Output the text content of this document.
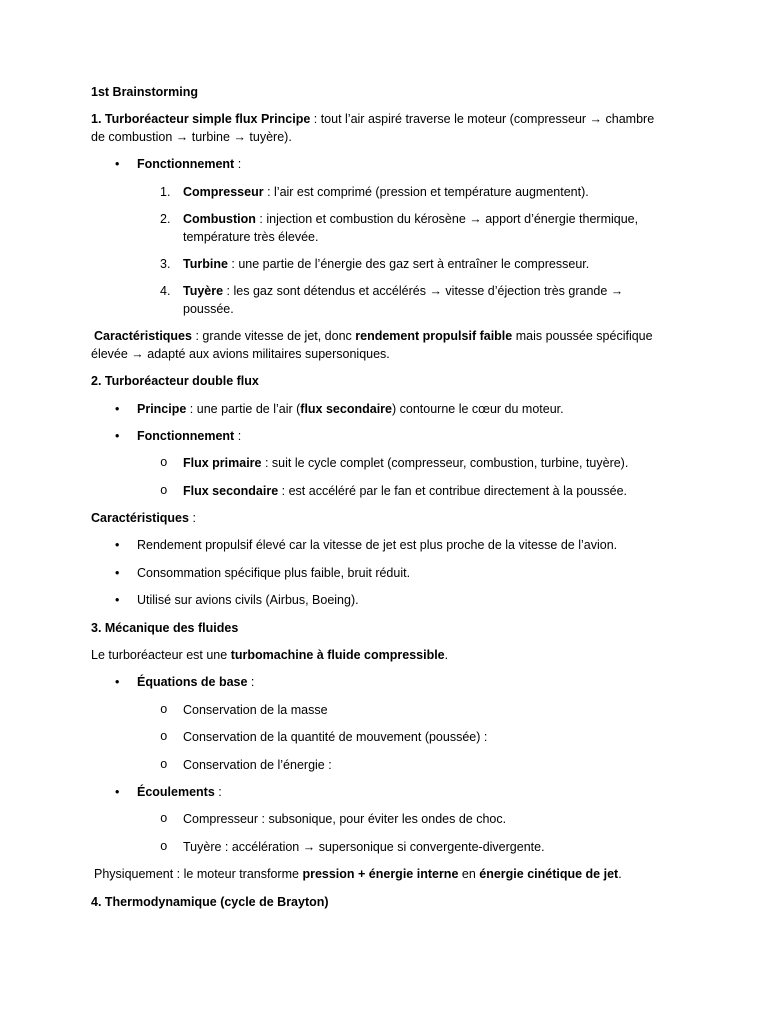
1st Brainstorming
1. Turboréacteur simple flux Principe : tout l’air aspiré traverse le moteur (compresseur → chambre
de combustion → turbine → tuyère).
• Fonctionnement :
1. Compresseur : l’air est comprimé (pression et température augmentent).
2. Combustion : injection et combustion du kérosène → apport d’énergie thermique,
température très élevée.
3. Turbine : une partie de l’énergie des gaz sert à entraîner le compresseur.
4. Tuyère : les gaz sont détendus et accélérés → vitesse d’éjection très grande →
poussée.
Caractéristiques : grande vitesse de jet, donc rendement propulsif faible mais poussée spécifique
élevée → adapté aux avions militaires supersoniques.
2. Turboréacteur double flux
• Principe : une partie de l’air (flux secondaire) contourne le cœur du moteur.
• Fonctionnement :
o Flux primaire : suit le cycle complet (compresseur, combustion, turbine, tuyère).
o Flux secondaire : est accéléré par le fan et contribue directement à la poussée.
Caractéristiques :
• Rendement propulsif élevé car la vitesse de jet est plus proche de la vitesse de l’avion.
• Consommation spécifique plus faible, bruit réduit.
• Utilisé sur avions civils (Airbus, Boeing).
3. Mécanique des fluides
Le turboréacteur est une turbomachine à fluide compressible.
• Équations de base :
o Conservation de la masse
o Conservation de la quantité de mouvement (poussée) :
o Conservation de l’énergie :
• Écoulements :
o Compresseur : subsonique, pour éviter les ondes de choc.
o Tuyère : accélération → supersonique si convergente-divergente.
Physiquement : le moteur transforme pression + énergie interne en énergie cinétique de jet.
4. Thermodynamique (cycle de Brayton)
